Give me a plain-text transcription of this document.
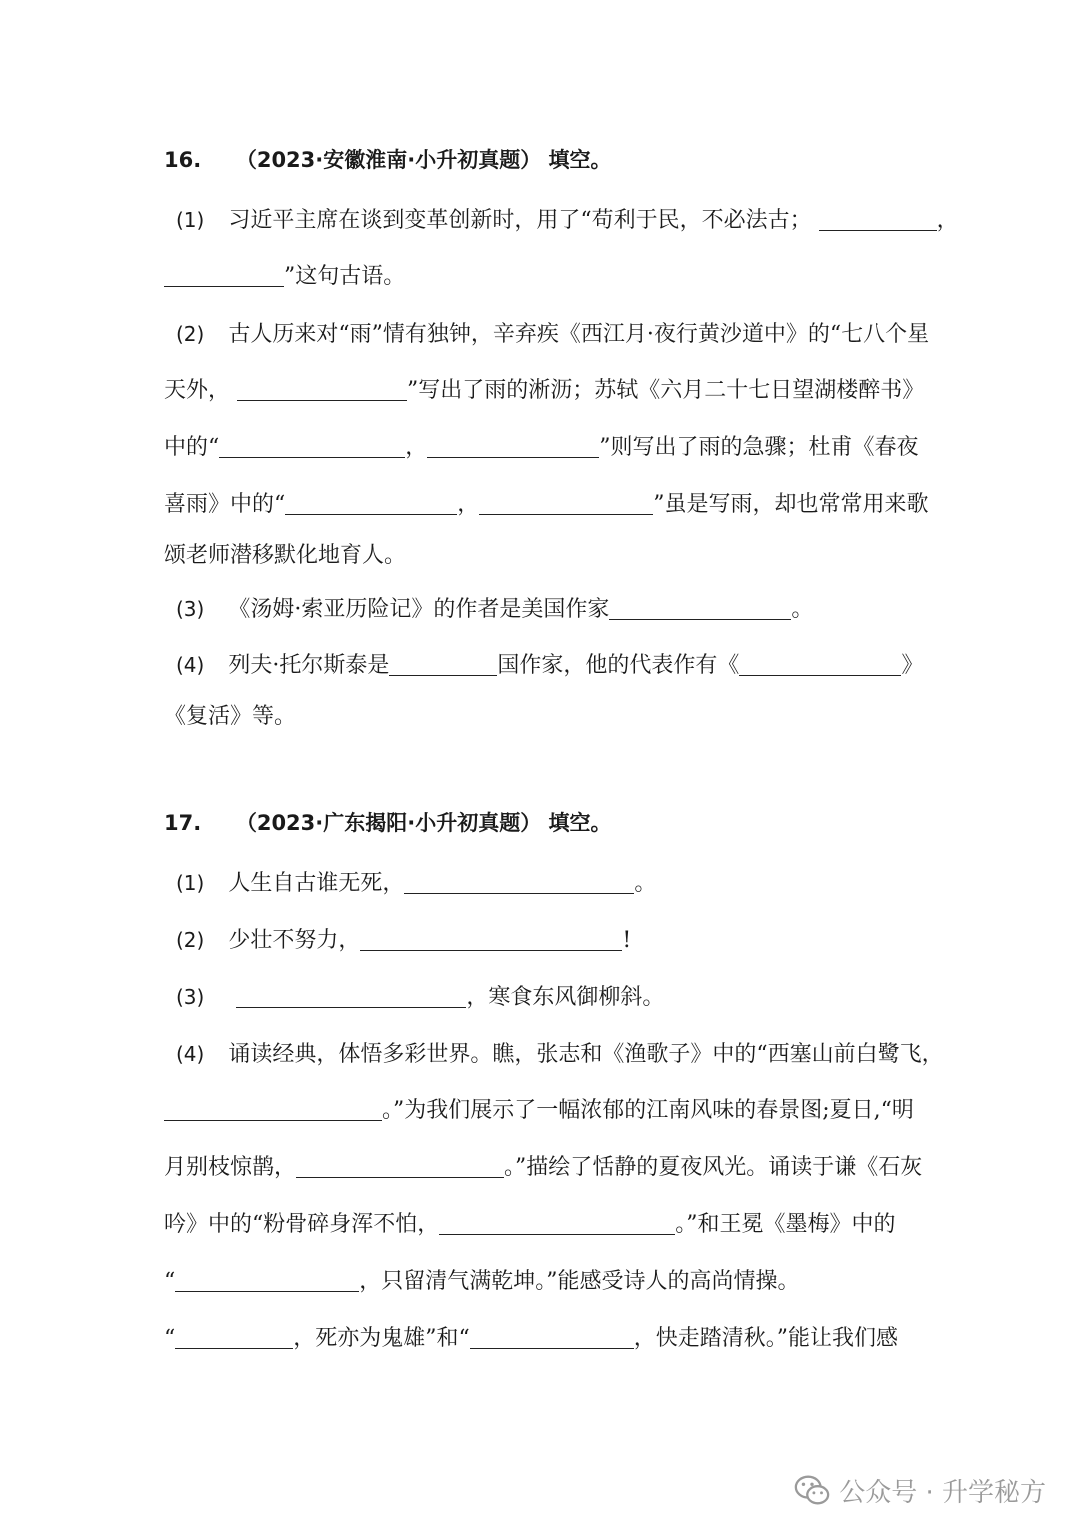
16. （2023·安徽淮南·小升初真题） 填空。
(1) 习近平主席在谈到变革创新时，用了“苟利于民，不必法古；	，
”这句古语。
(2) 古人历来对“雨”情有独钟，辛弃疾《西江月·夜行黄沙道中》的“七八个星
天外，	”写出了雨的淅沥；苏轼《六月二十七日望湖楼醉书》
中的“	，	”则写出了雨的急骤；杜甫《春夜
喜雨》中的“	，	”虽是写雨，却也常常用来歌
颂老师潜移默化地育人。
(3) 《汤姆·索亚历险记》的作者是美国作家	。
(4) 列夫·托尔斯泰是	国作家，他的代表作有《	》
《复活》等。
17. （2023·广东揭阳·小升初真题） 填空。
(1) 人生自古谁无死，	。
(2) 少壮不努力，	!
(3)	，寒食东风御柳斜。
(4) 诵读经典，体悟多彩世界。瞧，张志和《渔歌子》中的“西塞山前白鹭飞，
。”为我们展示了一幅浓郁的江南风味的春景图;夏日,“明
月别枝惊鹊，	。”描绘了恬静的夏夜风光。诵读于谦《石灰
吟》中的“粉骨碎身浑不怕，	。”和王冕《墨梅》中的
“	，只留清气满乾坤。”能感受诗人的高尚情操。
“	，死亦为鬼雄”和“	，快走踏清秋。”能让我们感
公众号 · 升学秘方
